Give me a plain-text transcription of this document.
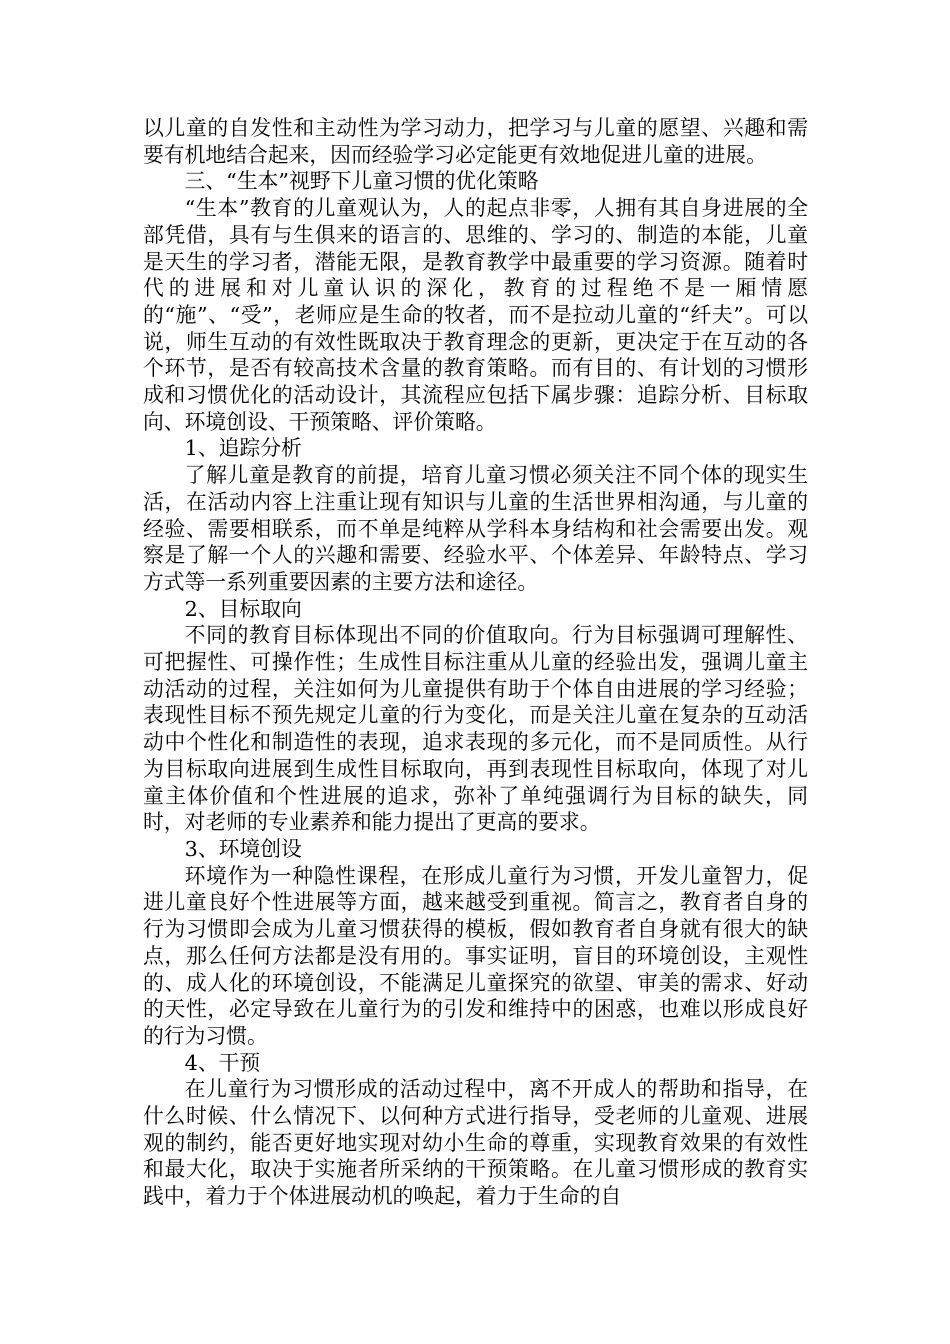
以儿童的自发性和主动性为学习动力，把学习与儿童的愿望、兴趣和需要有机地结合起来，因而经验学习必定能更有效地促进儿童的进展。

三、“生本”视野下儿童习惯的优化策略

“生本”教育的儿童观认为，人的起点非零，人拥有其自身进展的全部凭借，具有与生俱来的语言的、思维的、学习的、制造的本能，儿童是天生的学习者，潜能无限，是教育教学中最重要的学习资源。随着时代的进展和对儿童认识的深化，教育的过程绝不是一厢情愿的“施”、“受”，老师应是生命的牧者，而不是拉动儿童的“纤夫”。可以说，师生互动的有效性既取决于教育理念的更新，更决定于在互动的各个环节，是否有较高技术含量的教育策略。而有目的、有计划的习惯形成和习惯优化的活动设计，其流程应包括下属步骤：追踪分析、目标取向、环境创设、干预策略、评价策略。

1、追踪分析

了解儿童是教育的前提，培育儿童习惯必须关注不同个体的现实生活，在活动内容上注重让现有知识与儿童的生活世界相沟通，与儿童的经验、需要相联系，而不单是纯粹从学科本身结构和社会需要出发。观察是了解一个人的兴趣和需要、经验水平、个体差异、年龄特点、学习方式等一系列重要因素的主要方法和途径。

2、目标取向

不同的教育目标体现出不同的价值取向。行为目标强调可理解性、可把握性、可操作性；生成性目标注重从儿童的经验出发，强调儿童主动活动的过程，关注如何为儿童提供有助于个体自由进展的学习经验；表现性目标不预先规定儿童的行为变化，而是关注儿童在复杂的互动活动中个性化和制造性的表现，追求表现的多元化，而不是同质性。从行为目标取向进展到生成性目标取向，再到表现性目标取向，体现了对儿童主体价值和个性进展的追求，弥补了单纯强调行为目标的缺失，同时，对老师的专业素养和能力提出了更高的要求。

3、环境创设

环境作为一种隐性课程，在形成儿童行为习惯，开发儿童智力，促进儿童良好个性进展等方面，越来越受到重视。简言之，教育者自身的行为习惯即会成为儿童习惯获得的模板，假如教育者自身就有很大的缺点，那么任何方法都是没有用的。事实证明，盲目的环境创设，主观性的、成人化的环境创设，不能满足儿童探究的欲望、审美的需求、好动的天性，必定导致在儿童行为的引发和维持中的困惑，也难以形成良好的行为习惯。

4、干预

在儿童行为习惯形成的活动过程中，离不开成人的帮助和指导，在什么时候、什么情况下、以何种方式进行指导，受老师的儿童观、进展观的制约，能否更好地实现对幼小生命的尊重，实现教育效果的有效性和最大化，取决于实施者所采纳的干预策略。在儿童习惯形成的教育实践中，着力于个体进展动机的唤起，着力于生命的自
